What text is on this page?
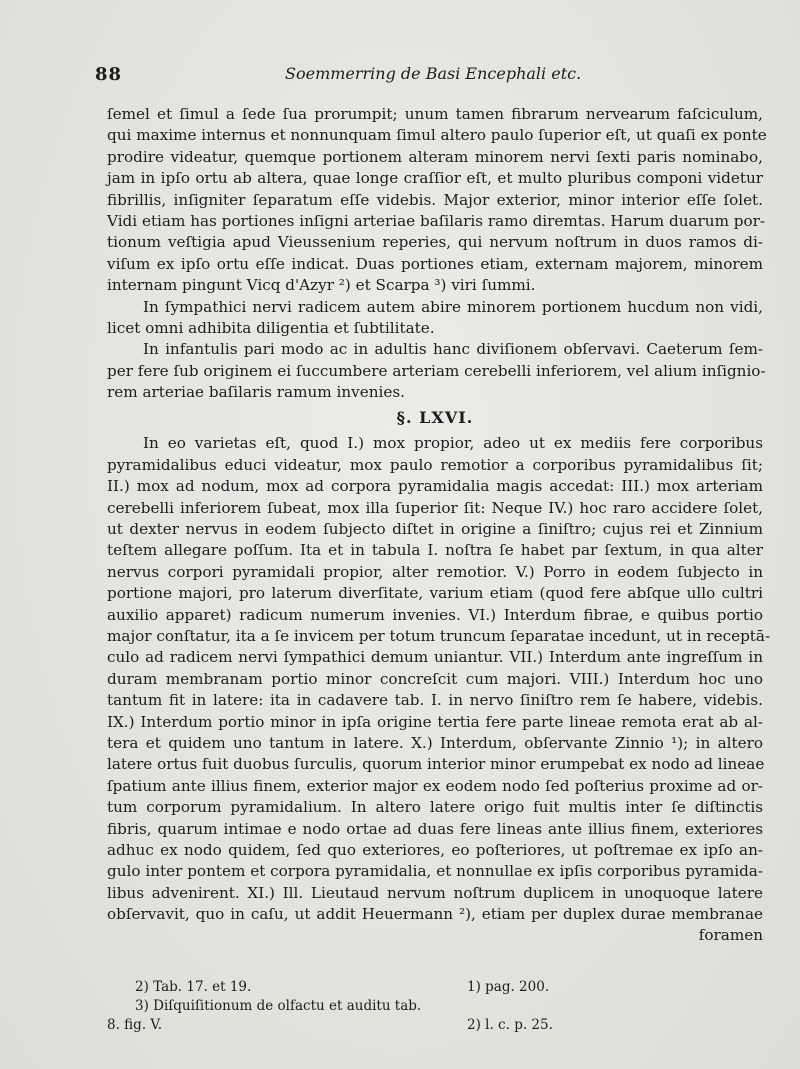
88	Soemmerring de Basi Encephali etc.
ſemel et ſimul a ſede ſua prorumpit; unum tamen fibrarum nervearum faſciculum,
qui maxime internus et nonnunquam ſimul altero paulo ſuperior eſt, ut quaſi ex ponte
prodire videatur, quemque portionem alteram minorem nervi ſexti paris nominabo,
jam in ipſo ortu ab altera, quae longe craſſior eſt, et multo pluribus componi videtur
fibrillis, inſigniter ſeparatum eſſe videbis. Major exterior, minor interior eſſe ſolet.
Vidi etiam has portiones inſigni arteriae baſilaris ramo diremtas. Harum duarum por-
tionum veſtigia apud Vieussenium reperies, qui nervum noſtrum in duos ramos di-
viſum ex ipſo ortu eſſe indicat. Duas portiones etiam, externam majorem, minorem
internam pingunt Vicq d'Azyr ²) et Scarpa ³) viri ſummi.
In ſympathici nervi radicem autem abire minorem portionem hucdum non vidi,
licet omni adhibita diligentia et ſubtilitate.
In infantulis pari modo ac in adultis hanc diviſionem obſervavi. Caeterum ſem-
per fere ſub originem ei ſuccumbere arteriam cerebelli inferiorem, vel alium inſignio-
rem arteriae baſilaris ramum invenies.
§. LXVI.
In eo varietas eſt, quod I.) mox propior, adeo ut ex mediis fere corporibus
pyramidalibus educi videatur, mox paulo remotior a corporibus pyramidalibus ſit;
II.) mox ad nodum, mox ad corpora pyramidalia magis accedat: III.) mox arteriam
cerebelli inferiorem ſubeat, mox illa ſuperior ſit: Neque IV.) hoc raro accidere ſolet,
ut dexter nervus in eodem ſubjecto diſtet in origine a ſiniſtro; cujus rei et Zinnium
teſtem allegare poſſum. Ita et in tabula I. noſtra ſe habet par ſextum, in qua alter
nervus corpori pyramidali propior, alter remotior. V.) Porro in eodem ſubjecto in
portione majori, pro laterum diverſitate, varium etiam (quod fere abſque ullo cultri
auxilio apparet) radicum numerum invenies. VI.) Interdum fibrae, e quibus portio
major conſtatur, ita a ſe invicem per totum truncum ſeparatae incedunt, ut in receptā-
culo ad radicem nervi ſympathici demum uniantur. VII.) Interdum ante ingreſſum in
duram membranam portio minor concreſcit cum majori. VIII.) Interdum hoc uno
tantum fit in latere: ita in cadavere tab. I. in nervo ſiniſtro rem ſe habere, videbis.
IX.) Interdum portio minor in ipſa origine tertia fere parte lineae remota erat ab al-
tera et quidem uno tantum in latere. X.) Interdum, obſervante Zinnio ¹); in altero
latere ortus fuit duobus ſurculis, quorum interior minor erumpebat ex nodo ad lineae
ſpatium ante illius finem, exterior major ex eodem nodo ſed poſterius proxime ad or-
tum corporum pyramidalium. In altero latere origo fuit multis inter ſe diſtinctis
fibris, quarum intimae e nodo ortae ad duas fere lineas ante illius finem, exteriores
adhuc ex nodo quidem, ſed quo exteriores, eo poſteriores, ut poſtremae ex ipſo an-
gulo inter pontem et corpora pyramidalia, et nonnullae ex ipſis corporibus pyramida-
libus advenirent. XI.) Ill. Lieutaud nervum noſtrum duplicem in unoquoque latere
obſervavit, quo in caſu, ut addit Heuermann ²), etiam per duplex durae membranae
foramen
2) Tab. 17. et 19.	1) pag. 200.
3) Diſquiſitionum de olfactu et auditu tab.
8. fig. V.	2) l. c. p. 25.
